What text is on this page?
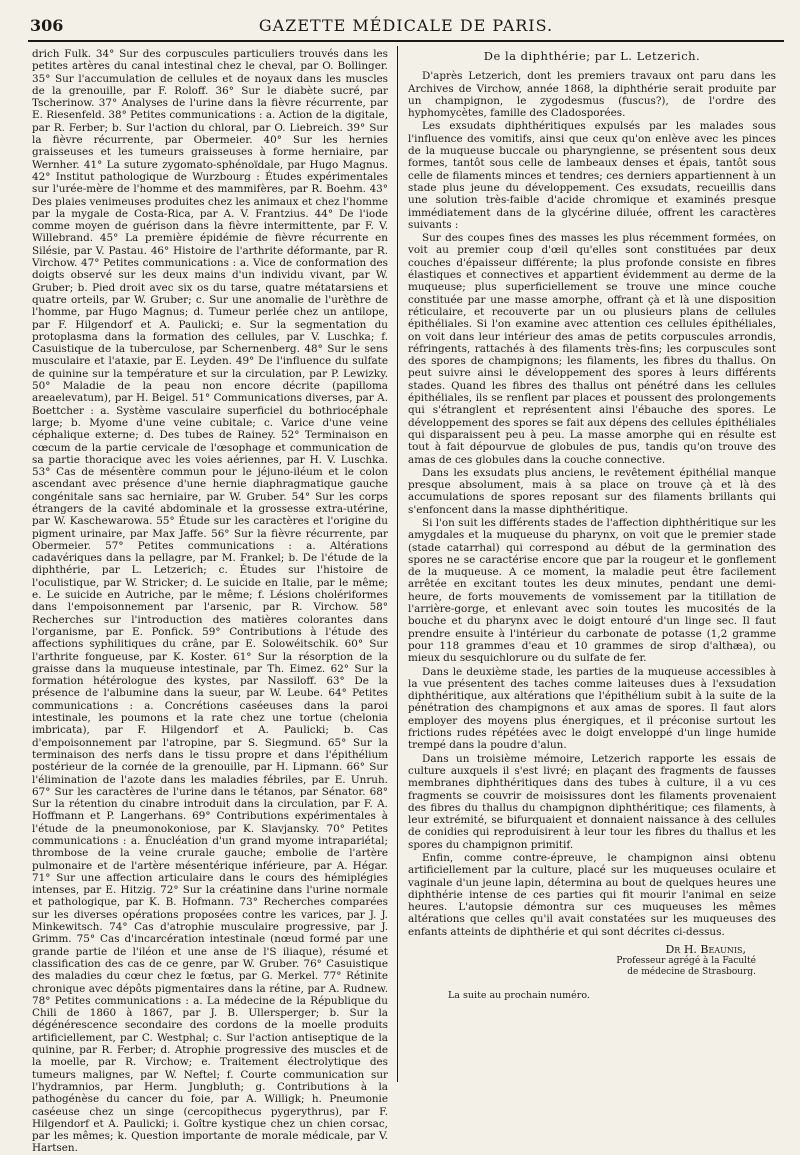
306	GAZETTE MÉDICALE DE PARIS.

drich Fulk. 34° Sur des corpuscules particuliers trouvés dans les petites artères du canal intestinal chez le cheval, par O. Bollinger. 35° Sur l'accumulation de cellules et de noyaux dans les muscles de la grenouille, par F. Roloff. 36° Sur le diabète sucré, par Tscherinow. 37° Analyses de l'urine dans la fièvre récurrente, par E. Riesenfeld. 38° Petites communications : a. Action de la digitale, par R. Ferber; b. Sur l'action du chloral, par O. Liebreich. 39° Sur la fièvre récurrente, par Obermeier. 40° Sur les hernies graisseuses et les tumeurs graisseuses à forme herniaire, par Wernher. 41° La suture zygomato-sphénoïdale, par Hugo Magnus. 42° Institut pathologique de Wurzbourg : Études expérimentales sur l'urée-mère de l'homme et des mammifères, par R. Boehm. 43° Des plaies venimeuses produites chez les animaux et chez l'homme par la mygale de Costa-Rica, par A. V. Frantzius. 44° De l'iode comme moyen de guérison dans la fièvre intermittente, par F. V. Willebrand. 45° La première épidémie de fièvre récurrente en Silésie, par V. Pastau. 46° Histoire de l'arthrite déformante, par R. Virchow. 47° Petites communications : a. Vice de conformation des doigts observé sur les deux mains d'un individu vivant, par W. Gruber; b. Pied droit avec six os du tarse, quatre métatarsiens et quatre orteils, par W. Gruber; c. Sur une anomalie de l'urèthre de l'homme, par Hugo Magnus; d. Tumeur perlée chez un antilope, par F. Hilgendorf et A. Paulicki; e. Sur la segmentation du protoplasma dans la formation des cellules, par V. Luschka; f. Casuistique de la tuberculose, par Schernenberg. 48° Sur le sens musculaire et l'ataxie, par E. Leyden. 49° De l'influence du sulfate de quinine sur la température et sur la circulation, par P. Lewizky. 50° Maladie de la peau non encore décrite (papilloma areaelevatum), par H. Beigel. 51° Communications diverses, par A. Boettcher : a. Système vasculaire superficiel du bothriocéphale large; b. Myome d'une veine cubitale; c. Varice d'une veine céphalique externe; d. Des tubes de Rainey. 52° Terminaison en cœcum de la partie cervicale de l'œsophage et communication de sa partie thoracique avec les voies aériennes, par H. V. Luschka. 53° Cas de mésentère commun pour le jéjuno-iléum et le colon ascendant avec présence d'une hernie diaphragmatique gauche congénitale sans sac herniaire, par W. Gruber. 54° Sur les corps étrangers de la cavité abdominale et la grossesse extra-utérine, par W. Kaschewarowa. 55° Étude sur les caractères et l'origine du pigment urinaire, par Max Jaffe. 56° Sur la fièvre récurrente, par Obermeier. 57° Petites communications : a. Altérations cadavériques dans la pellagre, par M. Frankel; b. De l'étude de la diphthérie, par L. Letzerich; c. Études sur l'histoire de l'oculistique, par W. Stricker; d. Le suicide en Italie, par le même; e. Le suicide en Autriche, par le même; f. Lésions cholériformes dans l'empoisonnement par l'arsenic, par R. Virchow. 58° Recherches sur l'introduction des matières colorantes dans l'organisme, par E. Ponfick. 59° Contributions à l'étude des affections syphilitiques du crâne, par E. Solowéitschik. 60° Sur l'arthrite fongueuse, par K. Koster. 61° Sur la résorption de la graisse dans la muqueuse intestinale, par Th. Eimez. 62° Sur la formation hétérologue des kystes, par Nassiloff. 63° De la présence de l'albumine dans la sueur, par W. Leube. 64° Petites communications : a. Concrétions caséeuses dans la paroi intestinale, les poumons et la rate chez une tortue (chelonia imbricata), par F. Hilgendorf et A. Paulicki; b. Cas d'empoisonnement par l'atropine, par S. Siegmund. 65° Sur la terminaison des nerfs dans le tissu propre et dans l'épithélium postérieur de la cornée de la grenouille, par H. Lipmann. 66° Sur l'élimination de l'azote dans les maladies fébriles, par E. Unruh. 67° Sur les caractères de l'urine dans le tétanos, par Sénator. 68° Sur la rétention du cinabre introduit dans la circulation, par F. A. Hoffmann et P. Langerhans. 69° Contributions expérimentales à l'étude de la pneumonokoniose, par K. Slavjansky. 70° Petites communications : a. Énucléation d'un grand myome intrapariétal; thrombose de la veine crurale gauche; embolie de l'artère pulmonaire et de l'artère mésentérique inférieure, par A. Hégar. 71° Sur une affection articulaire dans le cours des hémiplégies intenses, par E. Hitzig. 72° Sur la créatinine dans l'urine normale et pathologique, par K. B. Hofmann. 73° Recherches comparées sur les diverses opérations proposées contre les varices, par J. J. Minkewitsch. 74° Cas d'atrophie musculaire progressive, par J. Grimm. 75° Cas d'incarcération intestinale (nœud formé par une grande partie de l'iléon et une anse de l'S iliaque), résumé et classification des cas de ce genre, par W. Gruber. 76° Casuistique des maladies du cœur chez le fœtus, par G. Merkel. 77° Rétinite chronique avec dépôts pigmentaires dans la rétine, par A. Rudnew. 78° Petites communications : a. La médecine de la République du Chili de 1860 à 1867, par J. B. Ullersperger; b. Sur la dégénérescence secondaire des cordons de la moelle produits artificiellement, par C. Westphal; c. Sur l'action antiseptique de la quinine, par R. Ferber; d. Atrophie progressive des muscles et de la moelle, par R. Virchow; e. Traitement électrolytique des tumeurs malignes, par W. Neftel; f. Courte communication sur l'hydramnios, par Herm. Jungbluth; g. Contributions à la pathogénèse du cancer du foie, par A. Willigk; h. Pneumonie caséeuse chez un singe (cercopithecus pygerythrus), par F. Hilgendorf et A. Paulicki; i. Goître kystique chez un chien corsac, par les mêmes; k. Question importante de morale médicale, par V. Hartsen.

De la diphthérie; par L. Letzerich.

D'après Letzerich, dont les premiers travaux ont paru dans les Archives de Virchow, année 1868, la diphthérie serait produite par un champignon, le zygodesmus (fuscus?), de l'ordre des hyphomycètes, famille des Cladosporées.

Les exsudats diphthéritiques expulsés par les malades sous l'influence des vomitifs, ainsi que ceux qu'on enlève avec les pinces de la muqueuse buccale ou pharyngienne, se présentent sous deux formes, tantôt sous celle de lambeaux denses et épais, tantôt sous celle de filaments minces et tendres; ces derniers appartiennent à un stade plus jeune du développement. Ces exsudats, recueillis dans une solution très-faible d'acide chromique et examinés presque immédiatement dans de la glycérine diluée, offrent les caractères suivants :

Sur des coupes fines des masses les plus récemment formées, on voit au premier coup d'œil qu'elles sont constituées par deux couches d'épaisseur différente; la plus profonde consiste en fibres élastiques et connectives et appartient évidemment au derme de la muqueuse; plus superficiellement se trouve une mince couche constituée par une masse amorphe, offrant çà et là une disposition réticulaire, et recouverte par un ou plusieurs plans de cellules épithéliales. Si l'on examine avec attention ces cellules épithéliales, on voit dans leur intérieur des amas de petits corpuscules arrondis, réfringents, rattachés à des filaments très-fins; les corpuscules sont des spores de champignons; les filaments, les fibres du thallus. On peut suivre ainsi le développement des spores à leurs différents stades. Quand les fibres des thallus ont pénétré dans les cellules épithéliales, ils se renflent par places et poussent des prolongements qui s'étranglent et représentent ainsi l'ébauche des spores. Le développement des spores se fait aux dépens des cellules épithéliales qui disparaissent peu à peu. La masse amorphe qui en résulte est tout à fait dépourvue de globules de pus, tandis qu'on trouve des amas de ces globules dans la couche connective.

Dans les exsudats plus anciens, le revêtement épithélial manque presque absolument, mais à sa place on trouve çà et là des accumulations de spores reposant sur des filaments brillants qui s'enfoncent dans la masse diphthéritique.

Si l'on suit les différents stades de l'affection diphthéritique sur les amygdales et la muqueuse du pharynx, on voit que le premier stade (stade catarrhal) qui correspond au début de la germination des spores ne se caractérise encore que par la rougeur et le gonflement de la muqueuse. A ce moment, la maladie peut être facilement arrêtée en excitant toutes les deux minutes, pendant une demi-heure, de forts mouvements de vomissement par la titillation de l'arrière-gorge, et enlevant avec soin toutes les mucosités de la bouche et du pharynx avec le doigt entouré d'un linge sec. Il faut prendre ensuite à l'intérieur du carbonate de potasse (1,2 gramme pour 118 grammes d'eau et 10 grammes de sirop d'althæa), ou mieux du sesquichlorure ou du sulfate de fer.

Dans le deuxième stade, les parties de la muqueuse accessibles à la vue présentent des taches comme laiteuses dues à l'exsudation diphthéritique, aux altérations que l'épithélium subit à la suite de la pénétration des champignons et aux amas de spores. Il faut alors employer des moyens plus énergiques, et il préconise surtout les frictions rudes répétées avec le doigt enveloppé d'un linge humide trempé dans la poudre d'alun.

Dans un troisième mémoire, Letzerich rapporte les essais de culture auxquels il s'est livré; en plaçant des fragments de fausses membranes diphthéritiques dans des tubes à culture, il a vu ces fragments se couvrir de moisissures dont les filaments provenaient des fibres du thallus du champignon diphthéritique; ces filaments, à leur extrémité, se bifurquaient et donnaient naissance à des cellules de conidies qui reproduisirent à leur tour les fibres du thallus et les spores du champignon primitif.

Enfin, comme contre-épreuve, le champignon ainsi obtenu artificiellement par la culture, placé sur les muqueuses oculaire et vaginale d'un jeune lapin, détermina au bout de quelques heures une diphthérie intense de ces parties qui fit mourir l'animal en seize heures. L'autopsie démontra sur ces muqueuses les mêmes altérations que celles qu'il avait constatées sur les muqueuses des enfants atteints de diphthérie et qui sont décrites ci-dessus.

Dr H. Beaunis,
Professeur agrégé à la Faculté
de médecine de Strasbourg.
La suite au prochain numéro.
